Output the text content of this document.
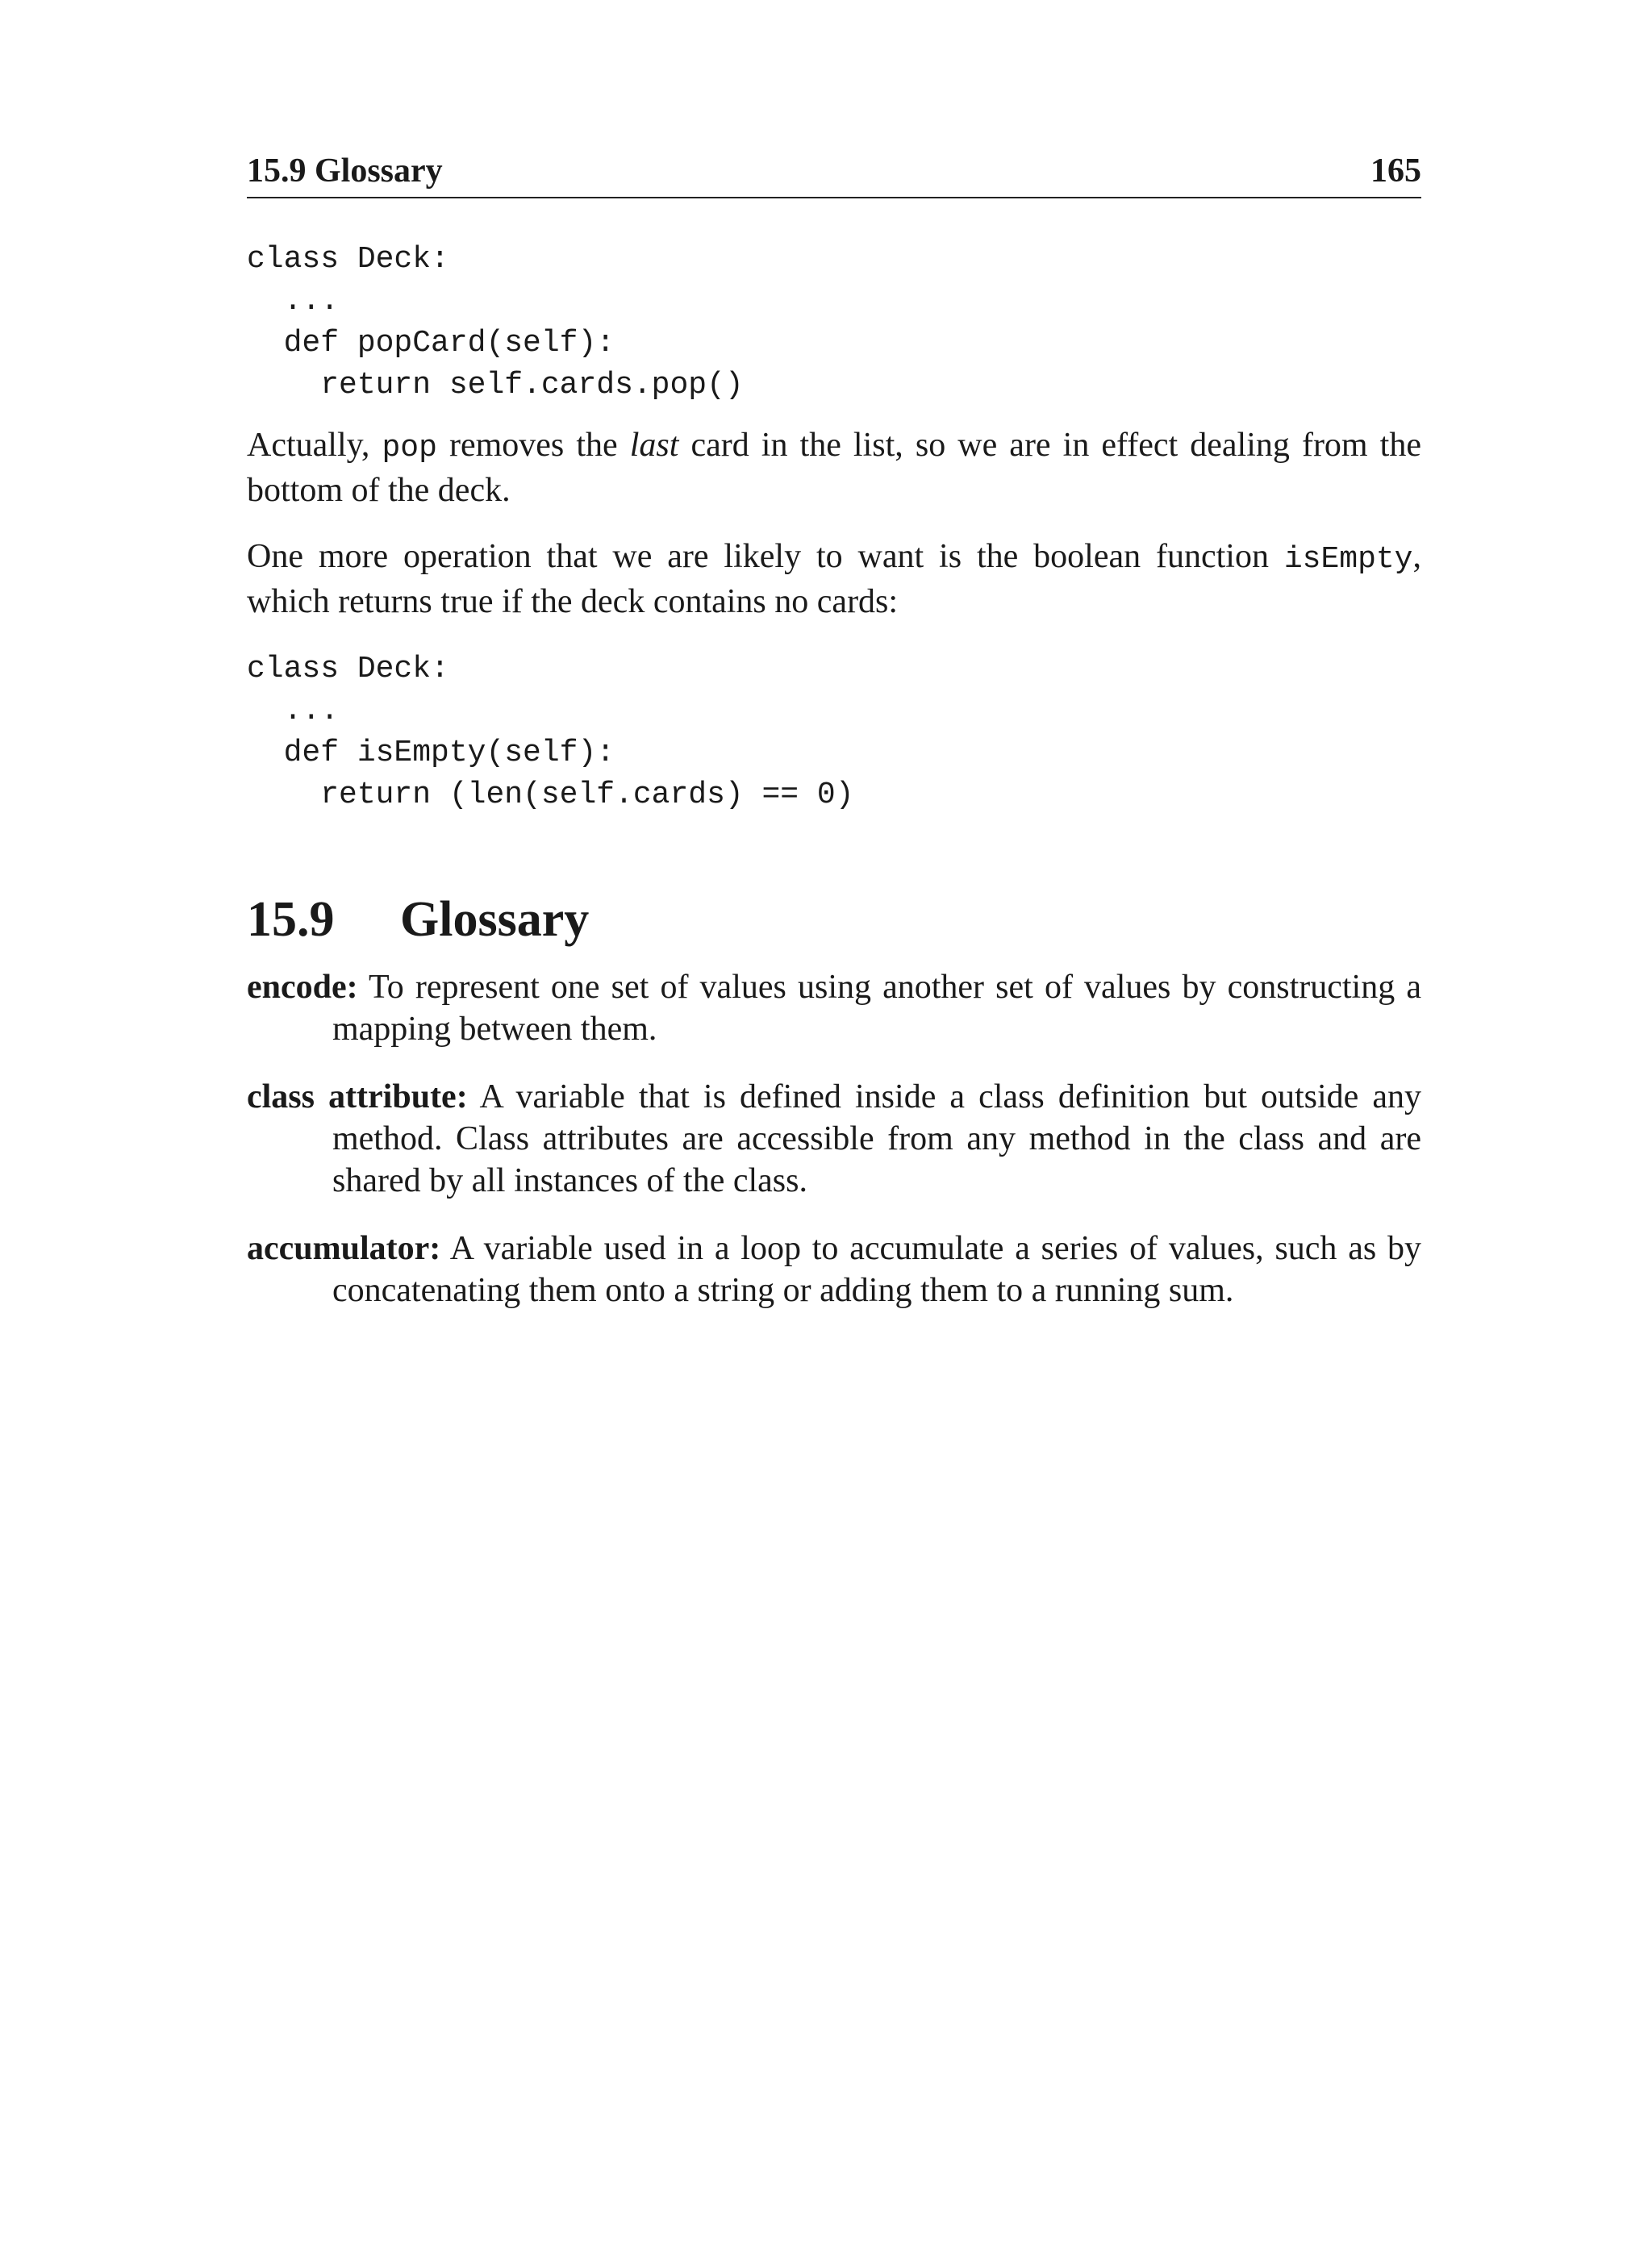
15.9 Glossary	165
class Deck:
...
def popCard(self):
return self.cards.pop()

Actually, pop removes the last card in the list, so we are in effect dealing from the bottom of the deck.

One more operation that we are likely to want is the boolean function isEmpty, which returns true if the deck contains no cards:

class Deck:
...
def isEmpty(self):
return (len(self.cards) == 0)
15.9 Glossary

encode: To represent one set of values using another set of values by constructing a mapping between them.

class attribute: A variable that is defined inside a class definition but outside any method. Class attributes are accessible from any method in the class and are shared by all instances of the class.

accumulator: A variable used in a loop to accumulate a series of values, such as by concatenating them onto a string or adding them to a running sum.
